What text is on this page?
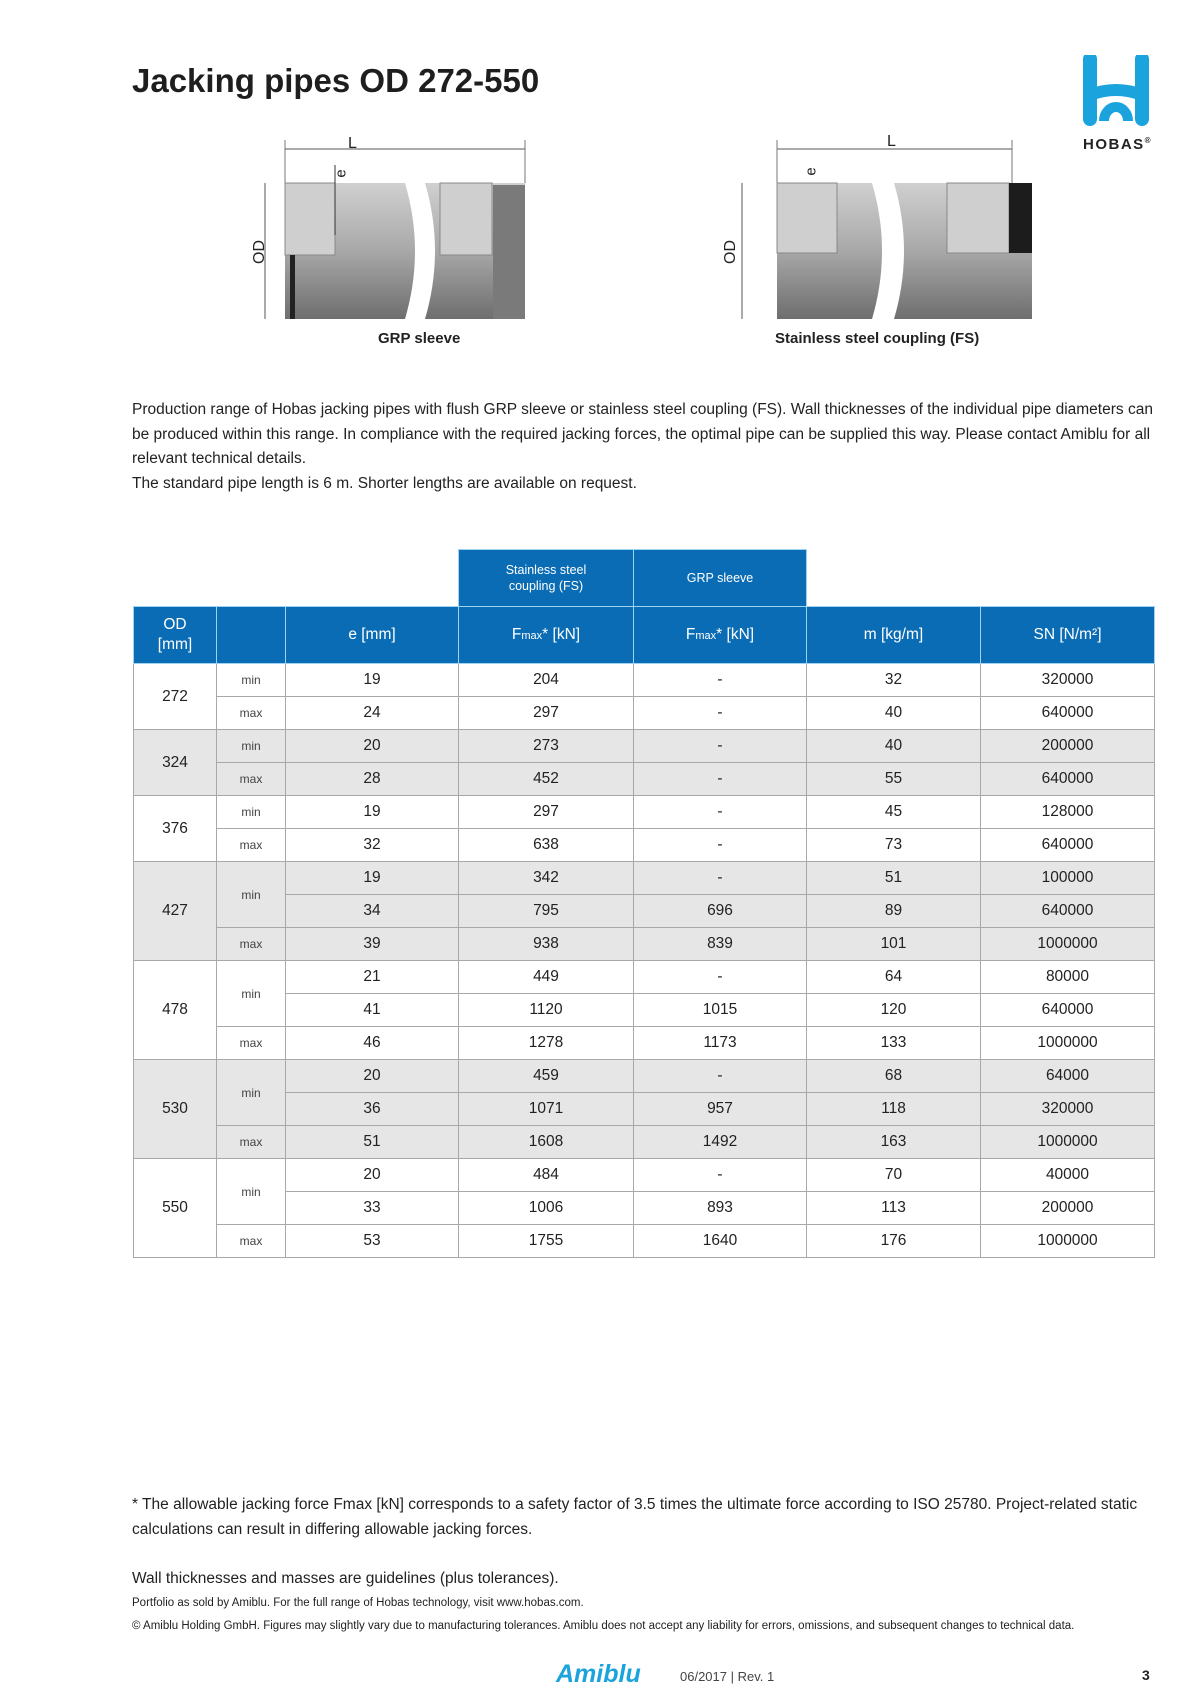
Jacking pipes OD 272-550
HOBAS®
L
e
OD
GRP sleeve
L
e
OD
Stainless steel coupling (FS)
Production range of Hobas jacking pipes with flush GRP sleeve or stainless steel coupling (FS). Wall thicknesses of the individual pipe diameters can be produced within this range. In compliance with the required jacking forces, the optimal pipe can be supplied this way. Please contact Amiblu for all relevant technical details.
The standard pipe length is 6 m. Shorter lengths are available on request.
			Stainless steel coupling (FS)	GRP sleeve		
OD [mm]		e [mm]	Fmax* [kN]	Fmax* [kN]	m [kg/m]	SN [N/m²]
272	min	19	204	-	32	320000
	max	24	297	-	40	640000
324	min	20	273	-	40	200000
	max	28	452	-	55	640000
376	min	19	297	-	45	128000
	max	32	638	-	73	640000
427	min	19	342	-	51	100000
		34	795	696	89	640000
	max	39	938	839	101	1000000
478	min	21	449	-	64	80000
		41	1120	1015	120	640000
	max	46	1278	1173	133	1000000
530	min	20	459	-	68	64000
		36	1071	957	118	320000
	max	51	1608	1492	163	1000000
550	min	20	484	-	70	40000
		33	1006	893	113	200000
	max	53	1755	1640	176	1000000
* The allowable jacking force Fmax [kN] corresponds to a safety factor of 3.5 times the ultimate force according to ISO 25780. Project-related static calculations can result in differing allowable jacking forces.
Wall thicknesses and masses are guidelines (plus tolerances).
Portfolio as sold by Amiblu. For the full range of Hobas technology, visit www.hobas.com.
© Amiblu Holding GmbH. Figures may slightly vary due to manufacturing tolerances. Amiblu does not accept any liability for errors, omissions, and subsequent changes to technical data.
Amiblu	06/2017 | Rev. 1	3
